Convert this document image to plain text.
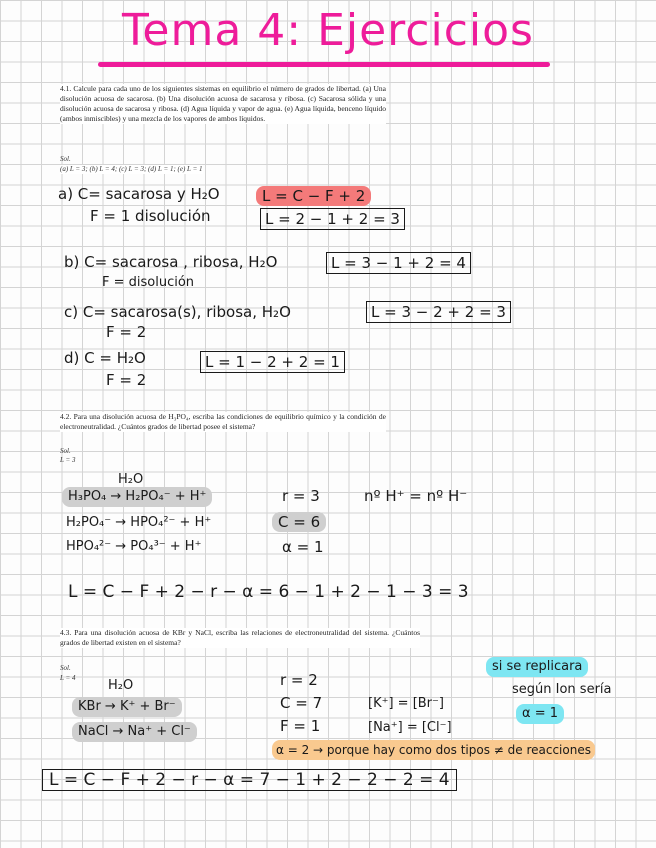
Tema 4: Ejercicios
4.1. Calcule para cada uno de los siguientes sistemas en equilibrio el número de grados de libertad. (a) Una disolución acuosa de sacarosa. (b) Una disolución acuosa de sacarosa y ribosa. (c) Sacarosa sólida y una disolución acuosa de sacarosa y ribosa. (d) Agua líquida y vapor de agua. (e) Agua líquida, benceno líquido (ambos inmiscibles) y una mezcla de los vapores de ambos líquidos.
Sol.
(a) L = 3; (b) L = 4; (c) L = 3; (d) L = 1; (e) L = 1
a) C= sacarosa y H₂O	L = C − F + 2
F = 1 disolución	L = 2 − 1 + 2 = 3
b) C= sacarosa , ribosa, H₂O	L = 3 − 1 + 2 = 4
F = disolución
c) C= sacarosa(s), ribosa, H₂O	L = 3 − 2 + 2 = 3
F = 2
d) C = H₂O	L = 1 − 2 + 2 = 1
F = 2
4.2. Para una disolución acuosa de H₃PO₄, escriba las condiciones de equilibrio químico y la condición de electroneutralidad. ¿Cuántos grados de libertad posee el sistema?
Sol.
L = 3
H₂O
H₃PO₄ → H₂PO₄⁻ + H⁺	r = 3	nº H⁺ = nº H⁻
H₂PO₄⁻ → HPO₄²⁻ + H⁺	C = 6
HPO₄²⁻ → PO₄³⁻ + H⁺	α = 1
L = C − F + 2 − r − α = 6 − 1 + 2 − 1 − 3 = 3
4.3. Para una disolución acuosa de KBr y NaCl, escriba las relaciones de electroneutralidad del sistema. ¿Cuántos grados de libertad existen en el sistema?
Sol.
L = 4	H₂O	r = 2
si se replicara
según Ion sería
α = 1
KBr → K⁺ + Br⁻	C = 7	[K⁺] = [Br⁻]
NaCl → Na⁺ + Cl⁻	F = 1	[Na⁺] = [Cl⁻]
α = 2 → porque hay como dos tipos ≠ de reacciones
L = C − F + 2 − r − α = 7 − 1 + 2 − 2 − 2 = 4
